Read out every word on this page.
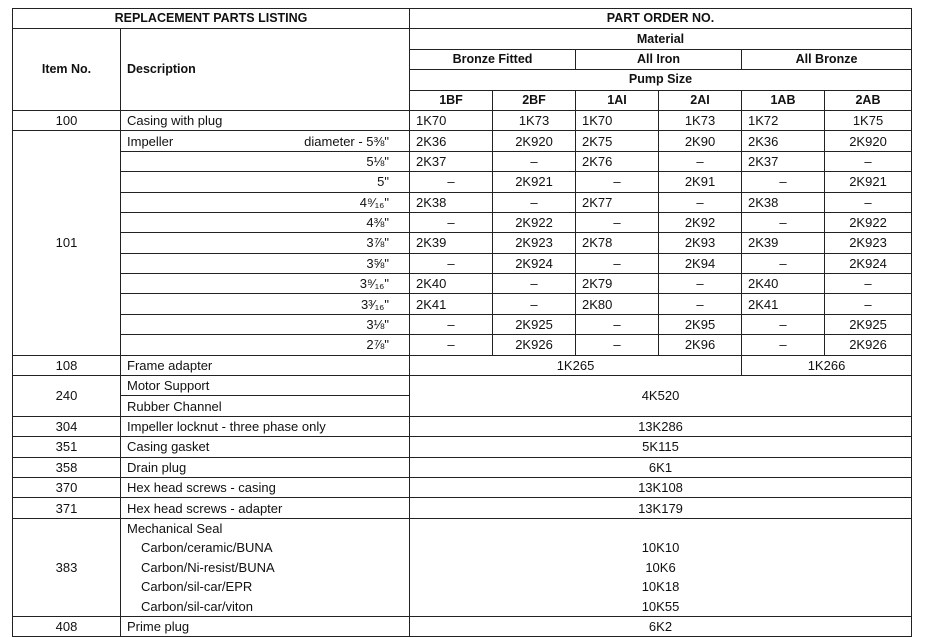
REPLACEMENT PARTS LISTING		PART ORDER NO.					
Item No.	Description	Material					
		Bronze Fitted		All Iron		All Bronze	
		Pump Size					
		1BF	2BF	1AI	2AI	1AB	2AB
100	Casing with plug	1K70	1K73	1K70	1K73	1K72	1K75
101	Impeller diameter - 5⅜"	2K36	2K920	2K75	2K90	2K36	2K920
	5⅛"	2K37	–	2K76	–	2K37	–
	5"	–	2K921	–	2K91	–	2K921
	4⁹⁄₁₆"	2K38	–	2K77	–	2K38	–
	4⅜"	–	2K922	–	2K92	–	2K922
	3⅞"	2K39	2K923	2K78	2K93	2K39	2K923
	3⅝"	–	2K924	–	2K94	–	2K924
	3⁹⁄₁₆"	2K40	–	2K79	–	2K40	–
	3³⁄₁₆"	2K41	–	2K80	–	2K41	–
	3⅛"	–	2K925	–	2K95	–	2K925
	2⅞"	–	2K926	–	2K96	–	2K926
108	Frame adapter	1K265				1K266	
240	Motor Support	4K520					
	Rubber Channel						
304	Impeller locknut - three phase only	13K286					
351	Casing gasket	5K115					
358	Drain plug	6K1					
370	Hex head screws - casing	13K108					
371	Hex head screws - adapter	13K179					
383	Mechanical Seal						
	Carbon/ceramic/BUNA	10K10					
	Carbon/Ni-resist/BUNA	10K6					
	Carbon/sil-car/EPR	10K18					
	Carbon/sil-car/viton	10K55					
408	Prime plug	6K2					
